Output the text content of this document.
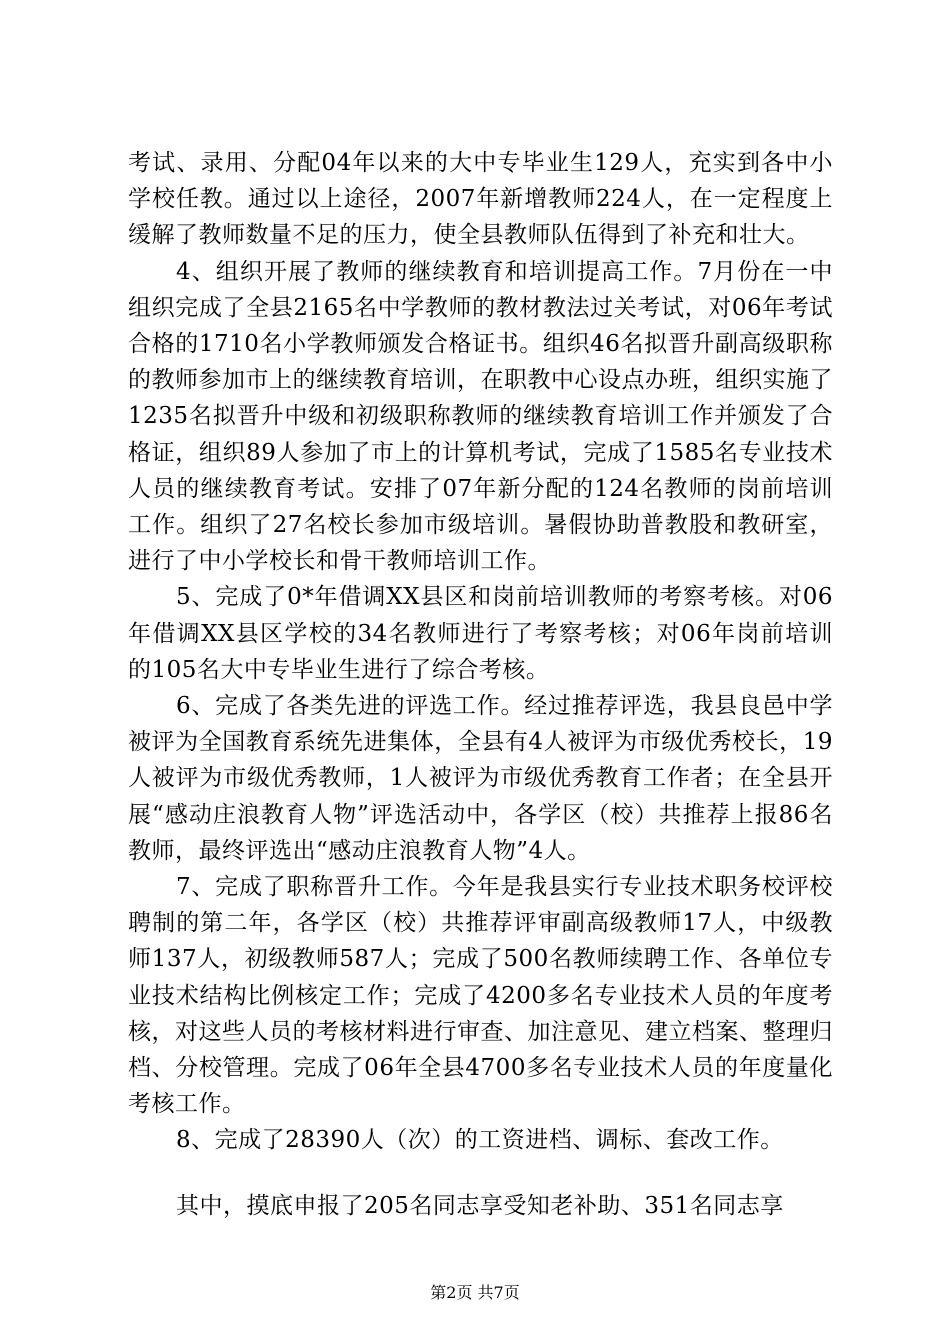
考试、录用、分配04年以来的大中专毕业生129人，充实到各中小学校任教。通过以上途径，2007年新增教师224人，在一定程度上缓解了教师数量不足的压力，使全县教师队伍得到了补充和壮大。

4、组织开展了教师的继续教育和培训提高工作。7月份在一中组织完成了全县2165名中学教师的教材教法过关考试，对06年考试合格的1710名小学教师颁发合格证书。组织46名拟晋升副高级职称的教师参加市上的继续教育培训，在职教中心设点办班，组织实施了1235名拟晋升中级和初级职称教师的继续教育培训工作并颁发了合格证，组织89人参加了市上的计算机考试，完成了1585名专业技术人员的继续教育考试。安排了07年新分配的124名教师的岗前培训工作。组织了27名校长参加市级培训。暑假协助普教股和教研室，进行了中小学校长和骨干教师培训工作。

5、完成了0*年借调XX县区和岗前培训教师的考察考核。对06年借调XX县区学校的34名教师进行了考察考核；对06年岗前培训的105名大中专毕业生进行了综合考核。

6、完成了各类先进的评选工作。经过推荐评选，我县良邑中学被评为全国教育系统先进集体，全县有4人被评为市级优秀校长，19人被评为市级优秀教师，1人被评为市级优秀教育工作者；在全县开展“感动庄浪教育人物”评选活动中，各学区（校）共推荐上报86名教师，最终评选出“感动庄浪教育人物”4人。

7、完成了职称晋升工作。今年是我县实行专业技术职务校评校聘制的第二年，各学区（校）共推荐评审副高级教师17人，中级教师137人，初级教师587人；完成了500名教师续聘工作、各单位专业技术结构比例核定工作；完成了4200多名专业技术人员的年度考核，对这些人员的考核材料进行审查、加注意见、建立档案、整理归档、分校管理。完成了06年全县4700多名专业技术人员的年度量化考核工作。

8、完成了28390人（次）的工资进档、调标、套改工作。

其中，摸底申报了205名同志享受知老补助、351名同志享

第2页 共7页
